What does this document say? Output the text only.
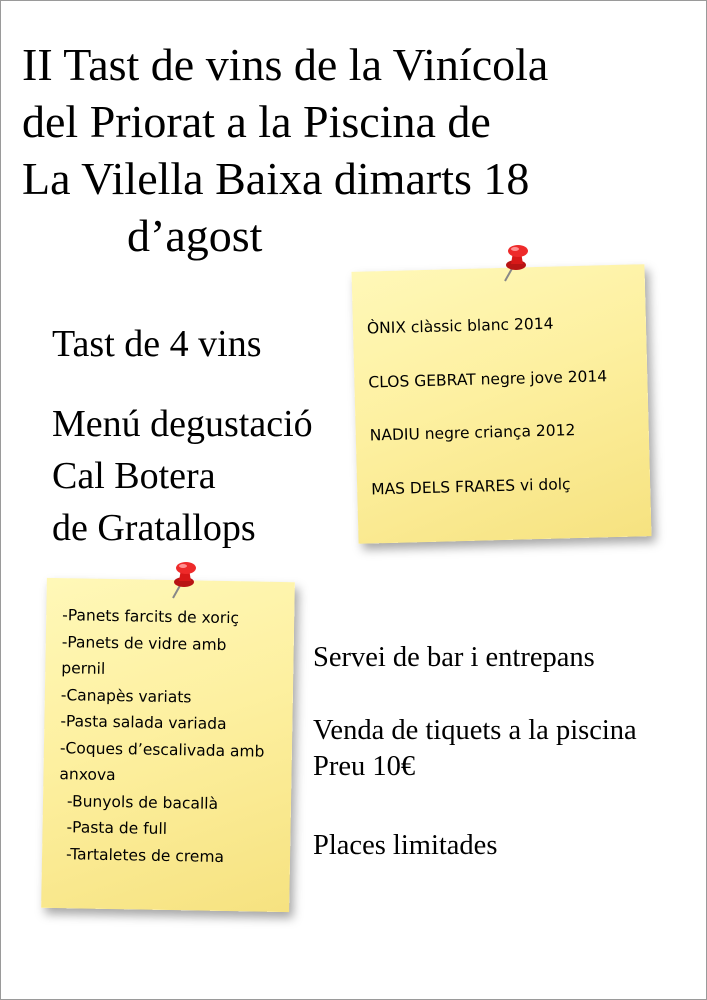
II Tast de vins de la Vinícola
del Priorat a la Piscina de
La Vilella Baixa dimarts 18
d’agost
Tast de 4 vins
Menú degustació
Cal Botera
de Gratallops
ÒNIX clàssic blanc 2014
CLOS GEBRAT negre jove 2014
NADIU negre criança 2012
MAS DELS FRARES vi dolç
-Panets farcits de xoriç
-Panets de vidre amb
pernil
-Canapès variats
-Pasta salada variada
-Coques d’escalivada amb
anxova
-Bunyols de bacallà
-Pasta de full
-Tartaletes de crema
Servei de bar i entrepans
Venda de tiquets a la piscina
Preu 10€
Places limitades
